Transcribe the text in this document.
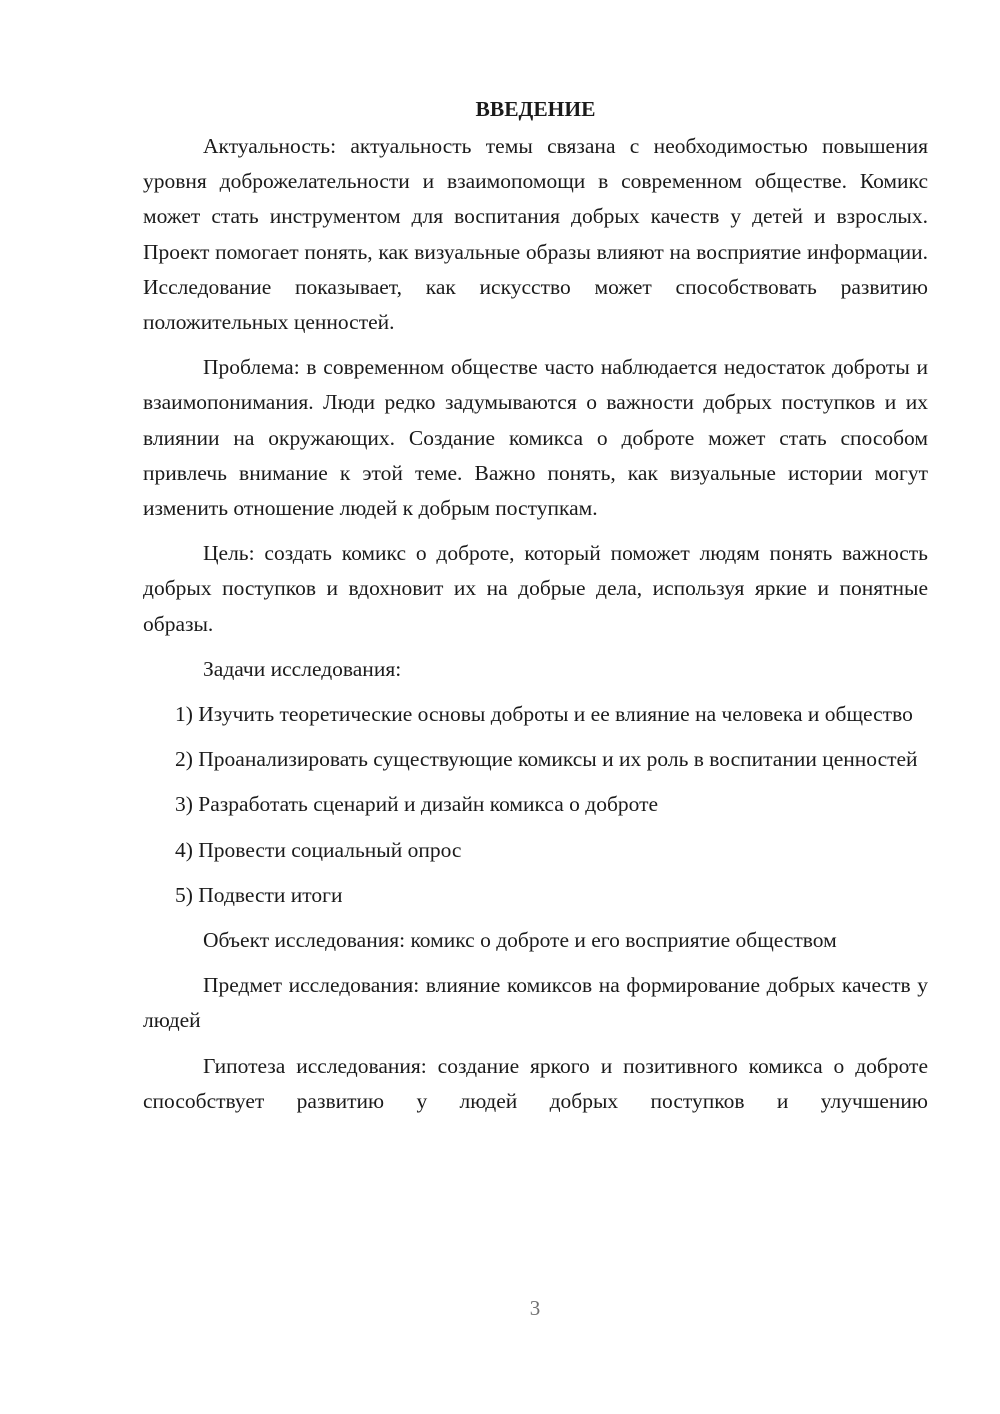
ВВЕДЕНИЕ
Актуальность: актуальность темы связана с необходимостью повышения уровня доброжелательности и взаимопомощи в современном обществе. Комикс может стать инструментом для воспитания добрых качеств у детей и взрослых. Проект помогает понять, как визуальные образы влияют на восприятие информации. Исследование показывает, как искусство может способствовать развитию положительных ценностей.
Проблема: в современном обществе часто наблюдается недостаток доброты и взаимопонимания. Люди редко задумываются о важности добрых поступков и их влиянии на окружающих. Создание комикса о доброте может стать способом привлечь внимание к этой теме. Важно понять, как визуальные истории могут изменить отношение людей к добрым поступкам.
Цель: создать комикс о доброте, который поможет людям понять важность добрых поступков и вдохновит их на добрые дела, используя яркие и понятные образы.
Задачи исследования:
1) Изучить теоретические основы доброты и ее влияние на человека и общество
2) Проанализировать существующие комиксы и их роль в воспитании ценностей
3) Разработать сценарий и дизайн комикса о доброте
4) Провести социальный опрос
5) Подвести итоги
Объект исследования: комикс о доброте и его восприятие обществом
Предмет исследования: влияние комиксов на формирование добрых качеств у людей
Гипотеза исследования: создание яркого и позитивного комикса о доброте способствует развитию у людей добрых поступков и улучшению
3
